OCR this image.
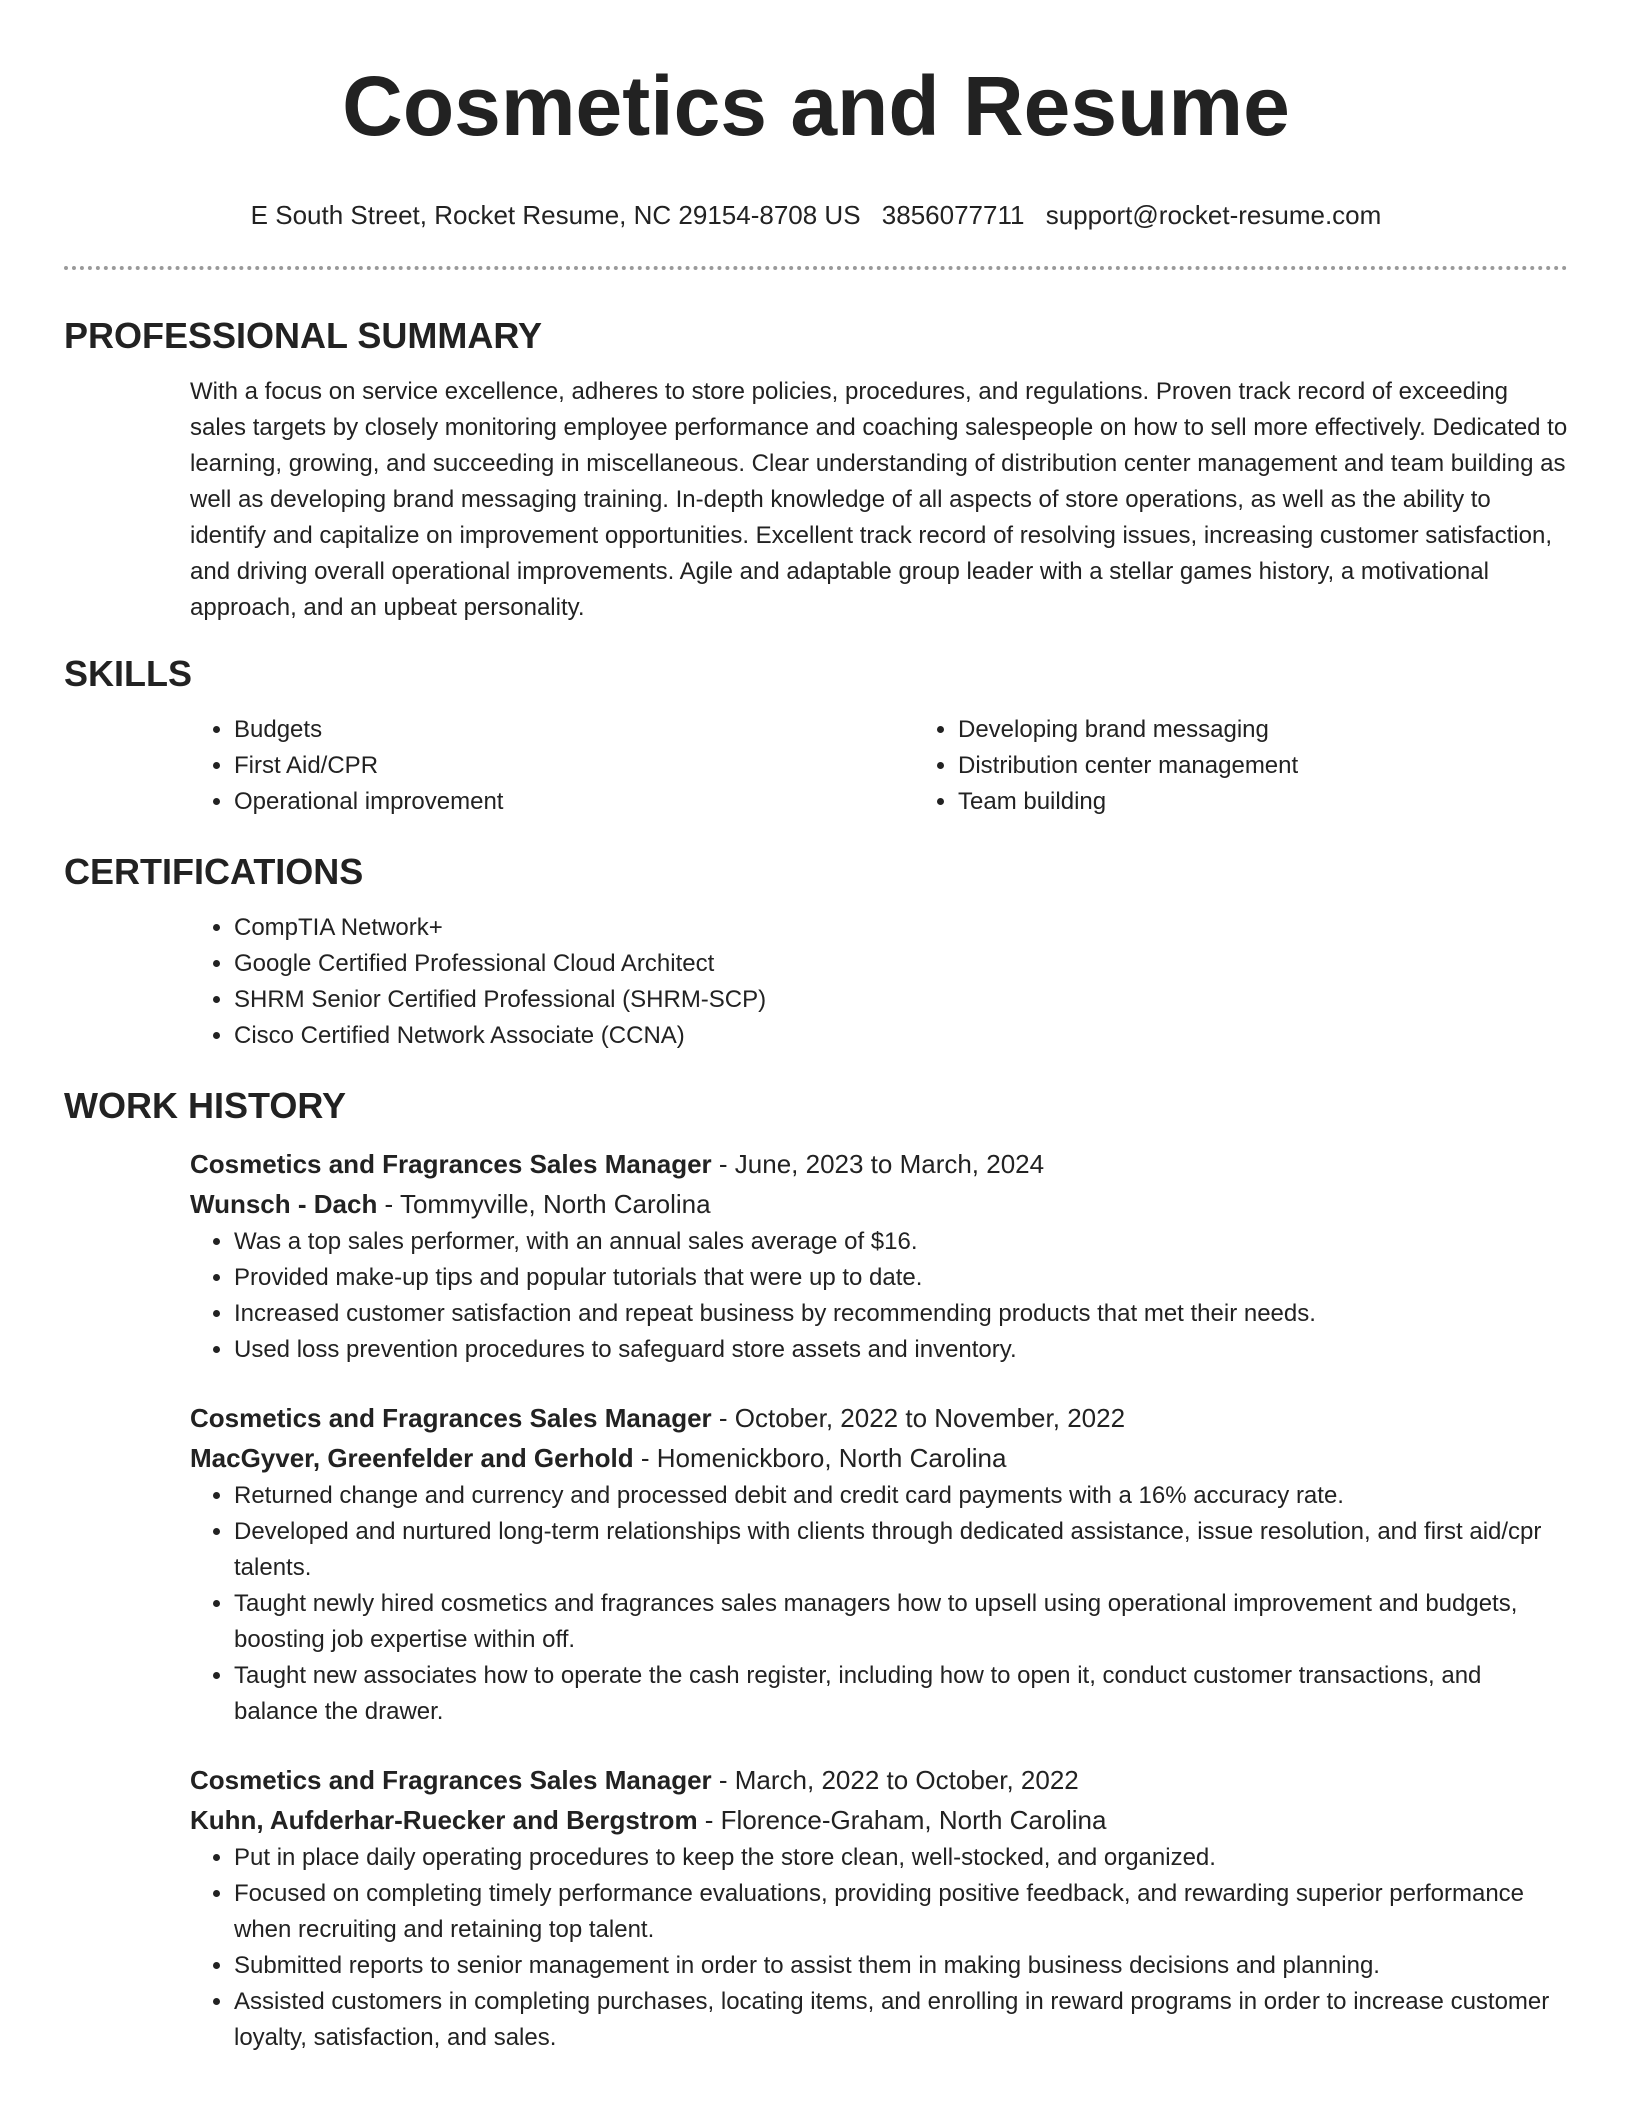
Cosmetics and Resume
E South Street, Rocket Resume, NC 29154-8708 US 3856077711 support@rocket-resume.com
PROFESSIONAL SUMMARY
With a focus on service excellence, adheres to store policies, procedures, and regulations. Proven track record of exceeding sales targets by closely monitoring employee performance and coaching salespeople on how to sell more effectively. Dedicated to learning, growing, and succeeding in miscellaneous. Clear understanding of distribution center management and team building as well as developing brand messaging training. In-depth knowledge of all aspects of store operations, as well as the ability to identify and capitalize on improvement opportunities. Excellent track record of resolving issues, increasing customer satisfaction, and driving overall operational improvements. Agile and adaptable group leader with a stellar games history, a motivational approach, and an upbeat personality.
SKILLS
• Budgets
• First Aid/CPR
• Operational improvement
• Developing brand messaging
• Distribution center management
• Team building
CERTIFICATIONS
• CompTIA Network+
• Google Certified Professional Cloud Architect
• SHRM Senior Certified Professional (SHRM-SCP)
• Cisco Certified Network Associate (CCNA)
WORK HISTORY
Cosmetics and Fragrances Sales Manager - June, 2023 to March, 2024
Wunsch - Dach - Tommyville, North Carolina
• Was a top sales performer, with an annual sales average of $16.
• Provided make-up tips and popular tutorials that were up to date.
• Increased customer satisfaction and repeat business by recommending products that met their needs.
• Used loss prevention procedures to safeguard store assets and inventory.
Cosmetics and Fragrances Sales Manager - October, 2022 to November, 2022
MacGyver, Greenfelder and Gerhold - Homenickboro, North Carolina
• Returned change and currency and processed debit and credit card payments with a 16% accuracy rate.
• Developed and nurtured long-term relationships with clients through dedicated assistance, issue resolution, and first aid/cpr talents.
• Taught newly hired cosmetics and fragrances sales managers how to upsell using operational improvement and budgets, boosting job expertise within off.
• Taught new associates how to operate the cash register, including how to open it, conduct customer transactions, and balance the drawer.
Cosmetics and Fragrances Sales Manager - March, 2022 to October, 2022
Kuhn, Aufderhar-Ruecker and Bergstrom - Florence-Graham, North Carolina
• Put in place daily operating procedures to keep the store clean, well-stocked, and organized.
• Focused on completing timely performance evaluations, providing positive feedback, and rewarding superior performance when recruiting and retaining top talent.
• Submitted reports to senior management in order to assist them in making business decisions and planning.
• Assisted customers in completing purchases, locating items, and enrolling in reward programs in order to increase customer loyalty, satisfaction, and sales.
